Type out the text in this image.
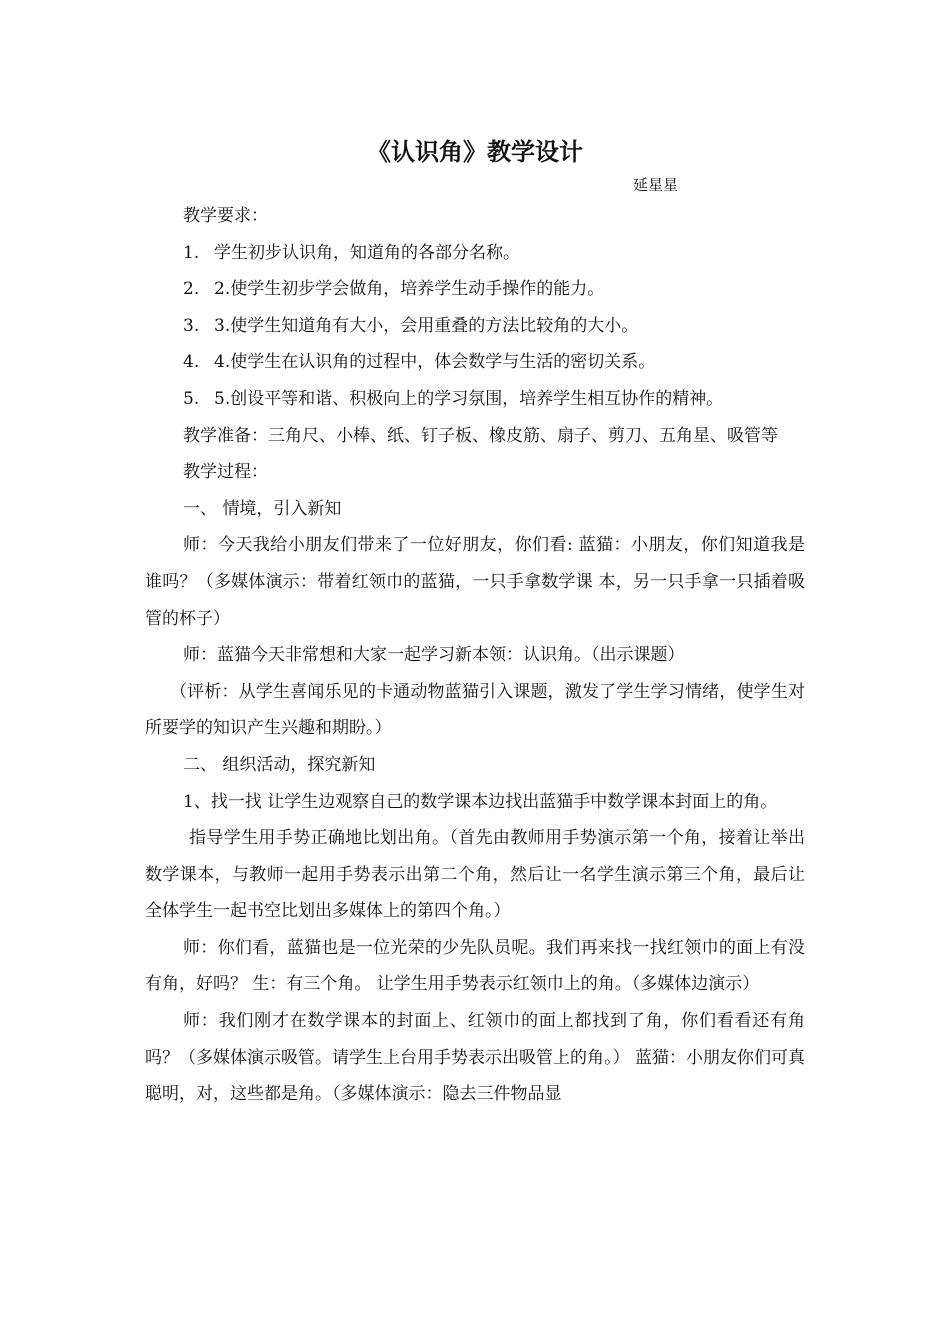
《认识角》教学设计

延星星

教学要求：

1. 学生初步认识角，知道角的各部分名称。
2. 2.使学生初步学会做角，培养学生动手操作的能力。
3. 3.使学生知道角有大小，会用重叠的方法比较角的大小。
4. 4.使学生在认识角的过程中，体会数学与生活的密切关系。
5. 5.创设平等和谐、积极向上的学习氛围，培养学生相互协作的精神。

教学准备：三角尺、小棒、纸、钉子板、橡皮筋、扇子、剪刀、五角星、吸管等

教学过程：

一、 情境，引入新知

师：今天我给小朋友们带来了一位好朋友，你们看: 蓝猫：小朋友，你们知道我是谁吗？（多媒体演示：带着红领巾的蓝猫，一只手拿数学课 本，另一只手拿一只插着吸管的杯子）

师：蓝猫今天非常想和大家一起学习新本领：认识角。（出示课题）

（评析：从学生喜闻乐见的卡通动物蓝猫引入课题，激发了学生学习情绪，使学生对所要学的知识产生兴趣和期盼。）

二、 组织活动，探究新知

1、找一找 让学生边观察自己的数学课本边找出蓝猫手中数学课本封面上的角。

指导学生用手势正确地比划出角。（首先由教师用手势演示第一个角，接着让举出数学课本，与教师一起用手势表示出第二个角，然后让一名学生演示第三个角，最后让全体学生一起书空比划出多媒体上的第四个角。）

师：你们看，蓝猫也是一位光荣的少先队员呢。我们再来找一找红领巾的面上有没有角，好吗？ 生：有三个角。 让学生用手势表示红领巾上的角。（多媒体边演示）

师：我们刚才在数学课本的封面上、红领巾的面上都找到了角，你们看看还有角吗？（多媒体演示吸管。请学生上台用手势表示出吸管上的角。） 蓝猫：小朋友你们可真聪明，对，这些都是角。（多媒体演示：隐去三件物品显
